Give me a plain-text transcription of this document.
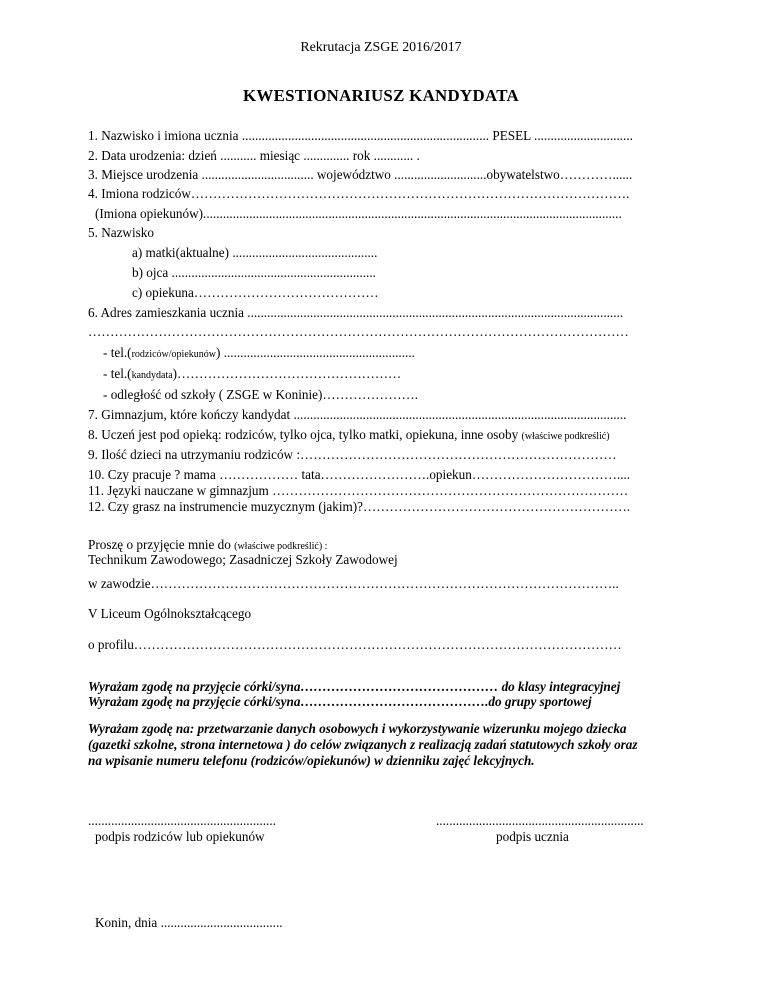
Rekrutacja ZSGE 2016/2017
KWESTIONARIUSZ KANDYDATA
1. Nazwisko i imiona ucznia ........................................................................... PESEL ..............................
2. Data urodzenia: dzień ........... miesiąc .............. rok ............ .
3. Miejsce urodzenia .................................. województwo ............................obywatelstwo…………......
4. Imiona rodziców……………………………………………………………………………………….
(Imiona opiekunów)...............................................................................................................................
5. Nazwisko
a) matki(aktualne) ............................................
b) ojca ..............................................................
c) opiekuna……………………………………
6. Adres zamieszkania ucznia ..................................................................................................................
……………………………………………………………………………………………………………
- tel.(rodziców/opiekunów) ..........................................................
- tel.(kandydata)……………………………………………
- odległość od szkoły ( ZSGE w Koninie)………………….
7. Gimnazjum, które kończy kandydat .....................................................................................................
8. Uczeń jest pod opieką: rodziców, tylko ojca, tylko matki, opiekuna, inne osoby (właściwe podkreślić)
9. Ilość dzieci na utrzymaniu rodziców :………………………………………………………………
10. Czy pracuje ? mama ……………… tata…………………….opiekun……………………………....
11. Języki nauczane w gimnazjum ………………………………………………………………………
12. Czy grasz na instrumencie muzycznym (jakim)?…………………………………………………….
Proszę o przyjęcie mnie do (właściwe podkreślić) :
Technikum Zawodowego; Zasadniczej Szkoły Zawodowej
w zawodzie……………………………………………………………………………………………..
V Liceum Ogólnokształcącego
o profilu…………………………………………………………………………………………………
Wyrażam zgodę na przyjęcie córki/syna……………………………………… do klasy integracyjnej
Wyrażam zgodę na przyjęcie córki/syna…………………………………….do grupy sportowej
Wyrażam zgodę na: przetwarzanie danych osobowych i wykorzystywanie wizerunku mojego dziecka
(gazetki szkolne, strona internetowa ) do celów związanych z realizacją zadań statutowych szkoły oraz
na wpisanie numeru telefonu (rodziców/opiekunów) w dzienniku zajęć lekcyjnych.
.........................................................
podpis rodziców lub opiekunów
...............................................................
podpis ucznia
Konin, dnia .....................................
